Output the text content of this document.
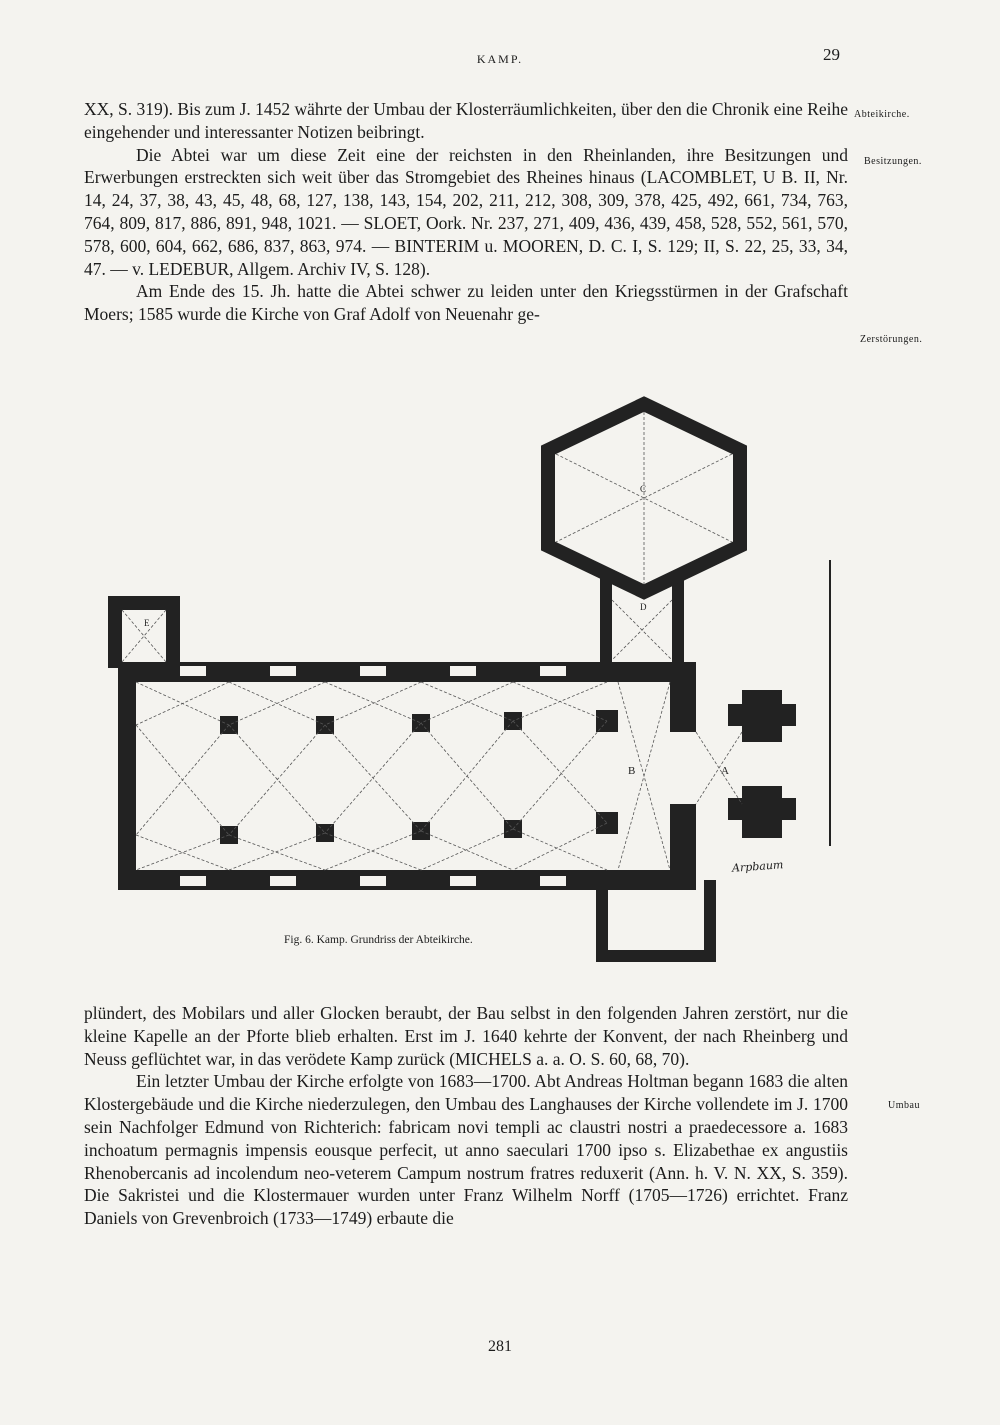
KAMP.	29
Abteikirche.
Besitzungen.
Zerstörungen.
Umbau

XX, S. 319). Bis zum J. 1452 währte der Umbau der Klosterräumlichkeiten, über den die Chronik eine Reihe eingehender und interessanter Notizen beibringt.

Die Abtei war um diese Zeit eine der reichsten in den Rheinlanden, ihre Besitzungen und Erwerbungen erstreckten sich weit über das Stromgebiet des Rheines hinaus (LACOMBLET, U B. II, Nr. 14, 24, 37, 38, 43, 45, 48, 68, 127, 138, 143, 154, 202, 211, 212, 308, 309, 378, 425, 492, 661, 734, 763, 764, 809, 817, 886, 891, 948, 1021. — SLOET, Oork. Nr. 237, 271, 409, 436, 439, 458, 528, 552, 561, 570, 578, 600, 604, 662, 686, 837, 863, 974. — BINTERIM u. MOOREN, D. C. I, S. 129; II, S. 22, 25, 33, 34, 47. — v. LEDEBUR, Allgem. Archiv IV, S. 128).

Am Ende des 15. Jh. hatte die Abtei schwer zu leiden unter den Kriegsstürmen in der Grafschaft Moers; 1585 wurde die Kirche von Graf Adolf von Neuenahr ge-

A
B
C
D
E
Arpbaum
Fig. 6. Kamp. Grundriss der Abteikirche.

plündert, des Mobilars und aller Glocken beraubt, der Bau selbst in den folgenden Jahren zerstört, nur die kleine Kapelle an der Pforte blieb erhalten. Erst im J. 1640 kehrte der Konvent, der nach Rheinberg und Neuss geflüchtet war, in das verödete Kamp zurück (MICHELS a. a. O. S. 60, 68, 70).

Ein letzter Umbau der Kirche erfolgte von 1683—1700. Abt Andreas Holtman begann 1683 die alten Klostergebäude und die Kirche niederzulegen, den Umbau des Langhauses der Kirche vollendete im J. 1700 sein Nachfolger Edmund von Richterich: fabricam novi templi ac claustri nostri a praedecessore a. 1683 inchoatum permagnis impensis eousque perfecit, ut anno saeculari 1700 ipso s. Elizabethae ex angustiis Rhenobercanis ad incolendum neo-veterem Campum nostrum fratres reduxerit (Ann. h. V. N. XX, S. 359). Die Sakristei und die Klostermauer wurden unter Franz Wilhelm Norff (1705—1726) errichtet. Franz Daniels von Grevenbroich (1733—1749) erbaute die

281
